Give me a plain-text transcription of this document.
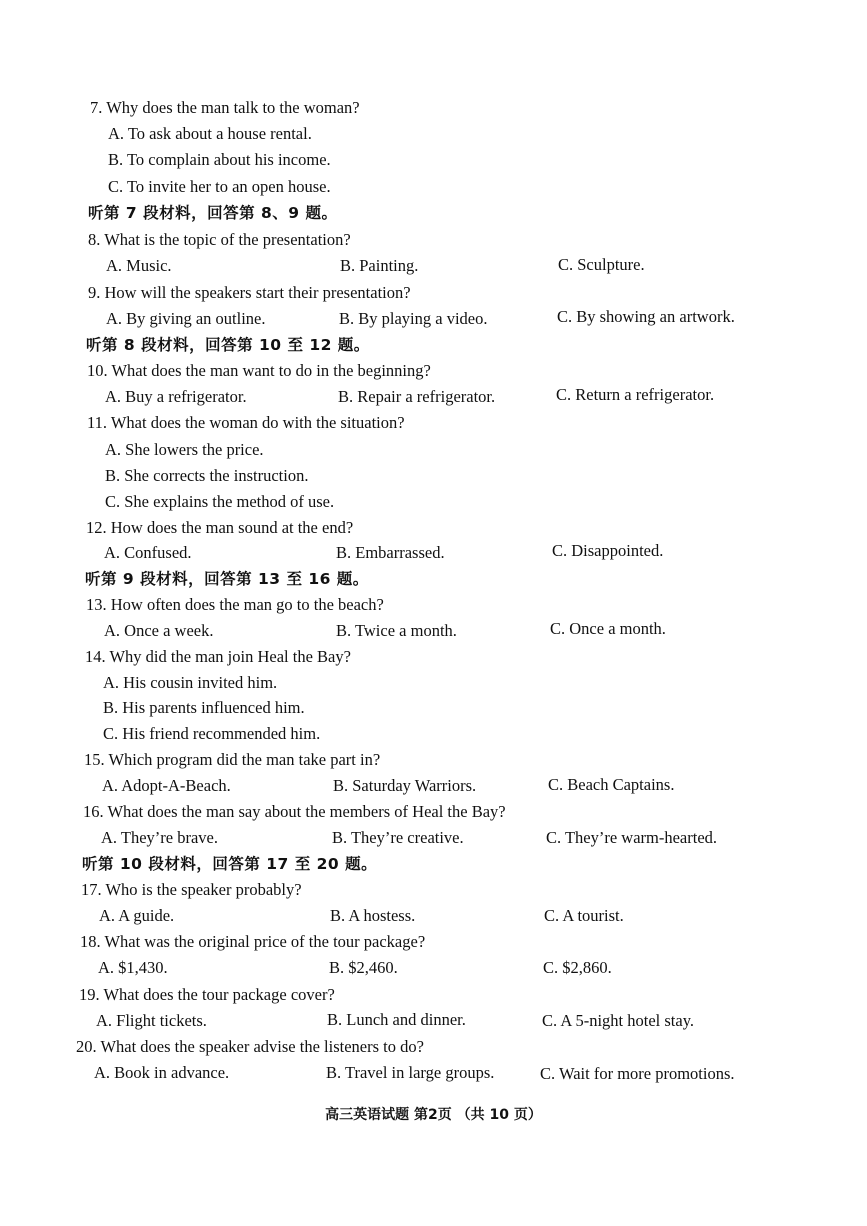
7. Why does the man talk to the woman?
A. To ask about a house rental.
B. To complain about his income.
C. To invite her to an open house.
听第 7 段材料，回答第 8、9 题。
8. What is the topic of the presentation?
A. Music.	B. Painting.	C. Sculpture.
9. How will the speakers start their presentation?
A. By giving an outline.	B. By playing a video.	C. By showing an artwork.
听第 8 段材料，回答第 10 至 12 题。
10. What does the man want to do in the beginning?
A. Buy a refrigerator.	B. Repair a refrigerator.	C. Return a refrigerator.
11. What does the woman do with the situation?
A. She lowers the price.
B. She corrects the instruction.
C. She explains the method of use.
12. How does the man sound at the end?
A. Confused.	B. Embarrassed.	C. Disappointed.
听第 9 段材料，回答第 13 至 16 题。
13. How often does the man go to the beach?
A. Once a week.	B. Twice a month.	C. Once a month.
14. Why did the man join Heal the Bay?
A. His cousin invited him.
B. His parents influenced him.
C. His friend recommended him.
15. Which program did the man take part in?
A. Adopt-A-Beach.	B. Saturday Warriors.	C. Beach Captains.
16. What does the man say about the members of Heal the Bay?
A. They’re brave.	B. They’re creative.	C. They’re warm-hearted.
听第 10 段材料，回答第 17 至 20 题。
17. Who is the speaker probably?
A. A guide.	B. A hostess.	C. A tourist.
18. What was the original price of the tour package?
A. $1,430.	B. $2,460.	C. $2,860.
19. What does the tour package cover?
A. Flight tickets.	B. Lunch and dinner.	C. A 5-night hotel stay.
20. What does the speaker advise the listeners to do?
A. Book in advance.	B. Travel in large groups.	C. Wait for more promotions.
高三英语试题 第2页 （共 10 页）
